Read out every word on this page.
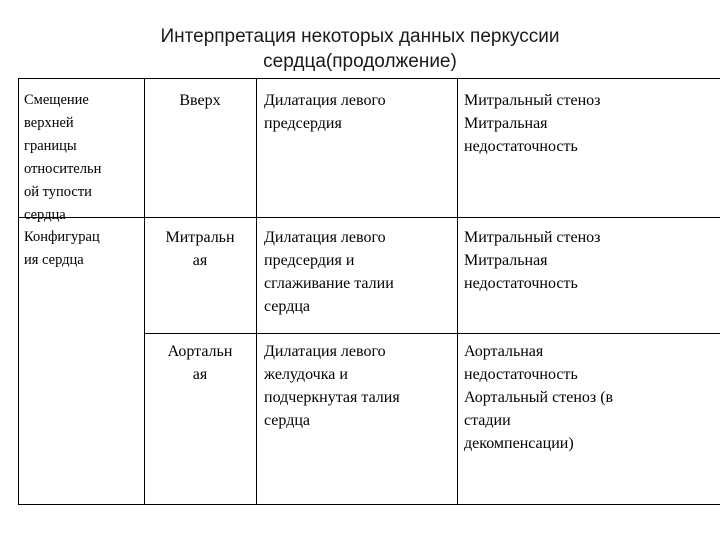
Интерпретация некоторых данных перкуссии
сердца(продолжение)
Смещение
верхней
границы
относительн
ой тупости
сердца
Вверх	Дилатация левого
предсердия
Митральный стеноз
Митральная
недостаточность
Конфигурац
ия сердца
Митральн
ая
Дилатация левого
предсердия и
сглаживание талии
сердца
Митральный стеноз
Митральная
недостаточность
Аортальн
ая
Дилатация левого
желудочка и
подчеркнутая талия
сердца
Аортальная
недостаточность
Аортальный стеноз (в
стадии
декомпенсации)
